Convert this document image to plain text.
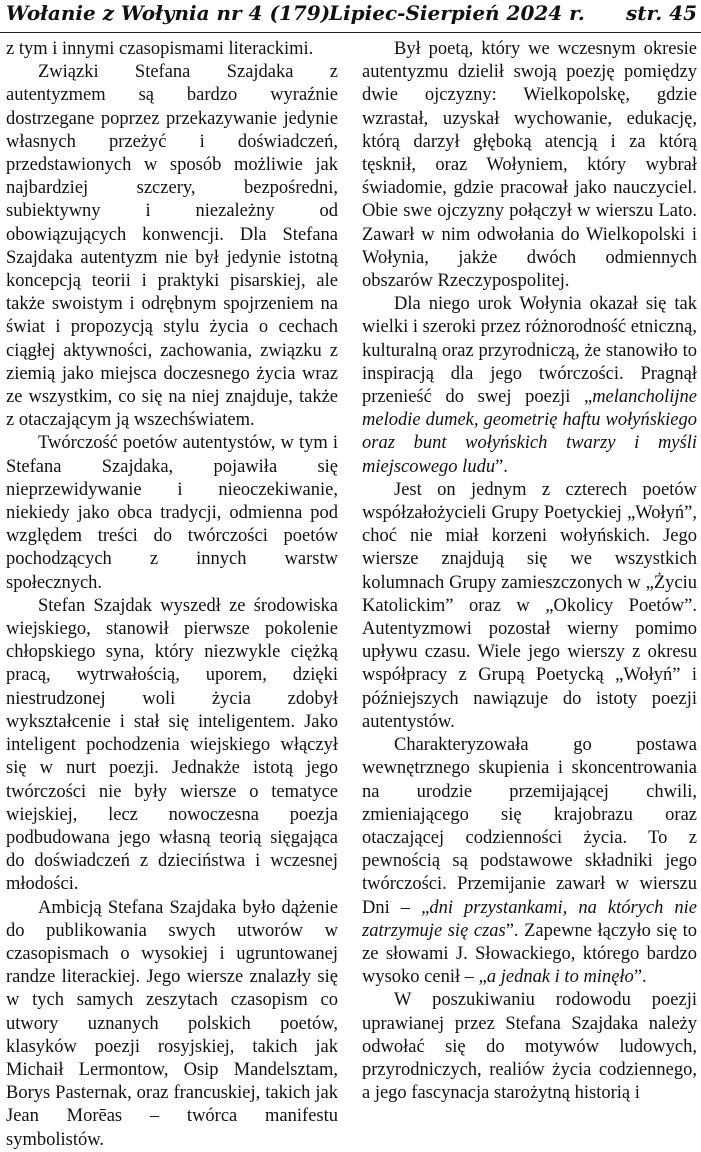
Wołanie z Wołynia nr 4 (179)
Lipiec-Sierpień 2024 r. str. 45

z tym i innymi czasopismami literackimi.

Związki Stefana Szajdaka z autentyzmem są bardzo wyraźnie dostrzegane poprzez przekazywanie jedynie własnych przeżyć i doświadczeń, przedstawionych w sposób możliwie jak najbardziej szczery, bezpośredni, subiektywny i niezależny od obowiązujących konwencji. Dla Stefana Szajdaka autentyzm nie był jedynie istotną koncepcją teorii i praktyki pisarskiej, ale także swoistym i odrębnym spojrzeniem na świat i propozycją stylu życia o cechach ciągłej aktywności, zachowania, związku z ziemią jako miejsca doczesnego życia wraz ze wszystkim, co się na niej znajduje, także z otaczającym ją wszechświatem.

Twórczość poetów autentystów, w tym i Stefana Szajdaka, pojawiła się nieprzewidywanie i nieoczekiwanie, niekiedy jako obca tradycji, odmienna pod względem treści do twórczości poetów pochodzących z innych warstw społecznych.

Stefan Szajdak wyszedł ze środowiska wiejskiego, stanowił pierwsze pokolenie chłopskiego syna, który niezwykle ciężką pracą, wytrwałością, uporem, dzięki niestrudzonej woli życia zdobył wykształcenie i stał się inteligentem. Jako inteligent pochodzenia wiejskiego włączył się w nurt poezji. Jednakże istotą jego twórczości nie były wiersze o tematyce wiejskiej, lecz nowoczesna poezja podbudowana jego własną teorią sięgająca do doświadczeń z dzieciństwa i wczesnej młodości.

Ambicją Stefana Szajdaka było dążenie do publikowania swych utworów w czasopismach o wysokiej i ugruntowanej randze literackiej. Jego wiersze znalazły się w tych samych zeszytach czasopism co utwory uznanych polskich poetów, klasyków poezji rosyjskiej, takich jak Michaił Lermontow, Osip Mandelsztam, Borys Pasternak, oraz francuskiej, takich jak Jean Morēas – twórca manifestu symbolistów.

Był poetą, który we wczesnym okresie autentyzmu dzielił swoją poezję pomiędzy dwie ojczyzny: Wielkopolskę, gdzie wzrastał, uzyskał wychowanie, edukację, którą darzył głęboką atencją i za którą tęsknił, oraz Wołyniem, który wybrał świadomie, gdzie pracował jako nauczyciel. Obie swe ojczyzny połączył w wierszu Lato. Zawarł w nim odwołania do Wielkopolski i Wołynia, jakże dwóch odmiennych obszarów Rzeczypospolitej.

Dla niego urok Wołynia okazał się tak wielki i szeroki przez różnorodność etniczną, kulturalną oraz przyrodniczą, że stanowiło to inspiracją dla jego twórczości. Pragnął przenieść do swej poezji „melancholijne melodie dumek, geometrię haftu wołyńskiego oraz bunt wołyńskich twarzy i myśli miejscowego ludu”.

Jest on jednym z czterech poetów współzałożycieli Grupy Poetyckiej „Wołyń”, choć nie miał korzeni wołyńskich. Jego wiersze znajdują się we wszystkich kolumnach Grupy zamieszczonych w „Życiu Katolickim” oraz w „Okolicy Poetów”. Autentyzmowi pozostał wierny pomimo upływu czasu. Wiele jego wierszy z okresu współpracy z Grupą Poetycką „Wołyń” i późniejszych nawiązuje do istoty poezji autentystów.

Charakteryzowała go postawa wewnętrznego skupienia i skoncentrowania na urodzie przemijającej chwili, zmieniającego się krajobrazu oraz otaczającej codzienności życia. To z pewnością są podstawowe składniki jego twórczości. Przemijanie zawarł w wierszu Dni – „dni przystankami, na których nie zatrzymuje się czas”. Zapewne łączyło się to ze słowami J. Słowackiego, którego bardzo wysoko cenił – „a jednak i to minęło”.

W poszukiwaniu rodowodu poezji uprawianej przez Stefana Szajdaka należy odwołać się do motywów ludowych, przyrodniczych, realiów życia codziennego, a jego fascynacja starożytną historią i
